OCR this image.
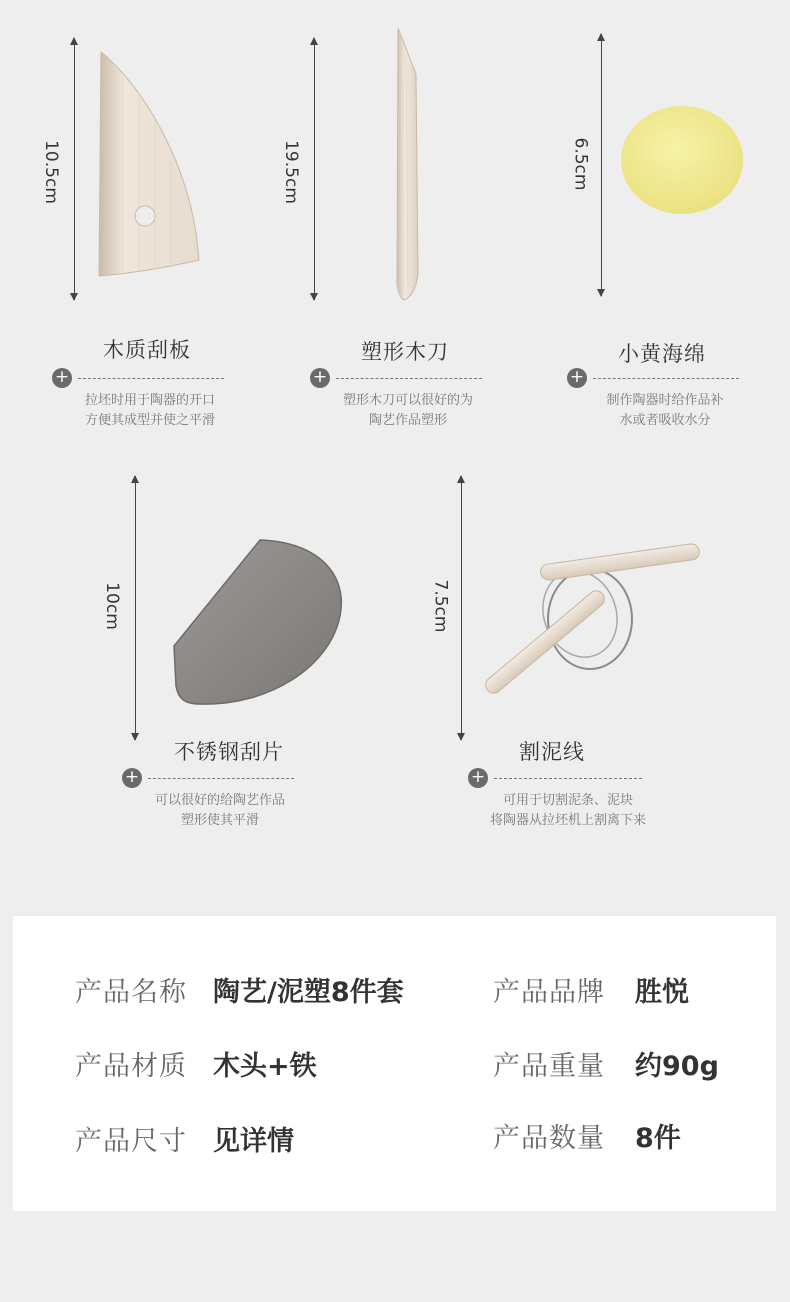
10.5cm
木质刮板
+
拉坯时用于陶器的开口
方便其成型并使之平滑
19.5cm
塑形木刀
+
塑形木刀可以很好的为
陶艺作品塑形
6.5cm
小黄海绵
+
制作陶器时给作品补
水或者吸收水分
10cm
不锈钢刮片
+
可以很好的给陶艺作品
塑形使其平滑
7.5cm
割泥线
+
可用于切割泥条、泥块
将陶器从拉坯机上割离下来
产品名称 陶艺/泥塑8件套	产品品牌 胜悦
产品材质 木头+铁	产品重量 约90g
产品尺寸 见详情	产品数量 8件
